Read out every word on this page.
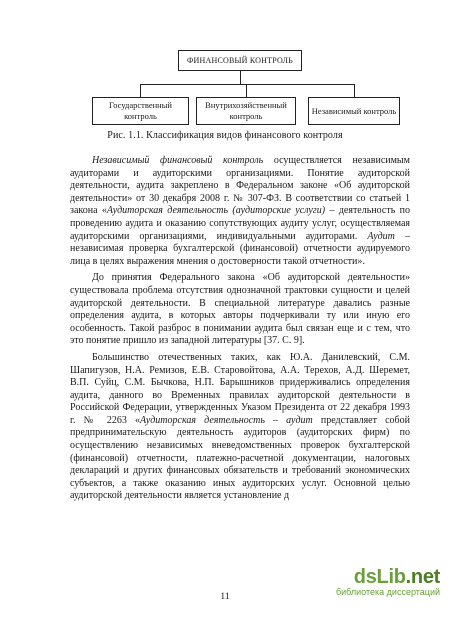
ФИНАНСОВЫЙ КОНТРОЛЬ
Государственный контроль
Внутрихозяйственный контроль
Независимый контроль
Рис. 1.1. Классификация видов финансового контроля

Независимый финансовый контроль осуществляется независимым аудиторами и аудиторскими организациями. Понятие аудиторской деятельности, аудита закреплено в Федеральном законе «Об аудиторской деятельности» от 30 декабря 2008 г. № 307-ФЗ. В соответствии со статьей 1 закона «Аудиторская деятельность (аудиторские услуги) – деятельность по проведению аудита и оказанию сопутствующих аудиту услуг, осуществляемая аудиторскими организациями, индивидуальными аудиторами. Аудит – независимая проверка бухгалтерской (финансовой) отчетности аудируемого лица в целях выражения мнения о достоверности такой отчетности».

До принятия Федерального закона «Об аудиторской деятельности» существовала проблема отсутствия однозначной трактовки сущности и целей аудиторской деятельности. В специальной литературе давались разные определения аудита, в которых авторы подчеркивали ту или иную его особенность. Такой разброс в понимании аудита был связан еще и с тем, что это понятие пришло из западной литературы [37. С. 9].

Большинство отечественных таких, как Ю.А. Данилевский, С.М. Шапигузов, Н.А. Ремизов, Е.В. Старовойтова, А.А. Терехов, А.Д. Шеремет, В.П. Суйц, С.М. Бычкова, Н.П. Барышников придерживались определения аудита, данного во Временных правилах аудиторской деятельности в Российской Федерации, утвержденных Указом Президента от 22 декабря 1993 г. № 2263 «Аудиторская деятельность – аудит представляет собой предпринимательскую деятельность аудиторов (аудиторских фирм) по осуществлению независимых вневедомственных проверок бухгалтерской (финансовой) отчетности, платежно-расчетной документации, налоговых деклараций и других финансовых обязательств и требований экономических субъектов, а также оказанию иных аудиторских услуг. Основной целью аудиторской деятельности является установление д

11
dsLib.net
библиотека диссертаций
